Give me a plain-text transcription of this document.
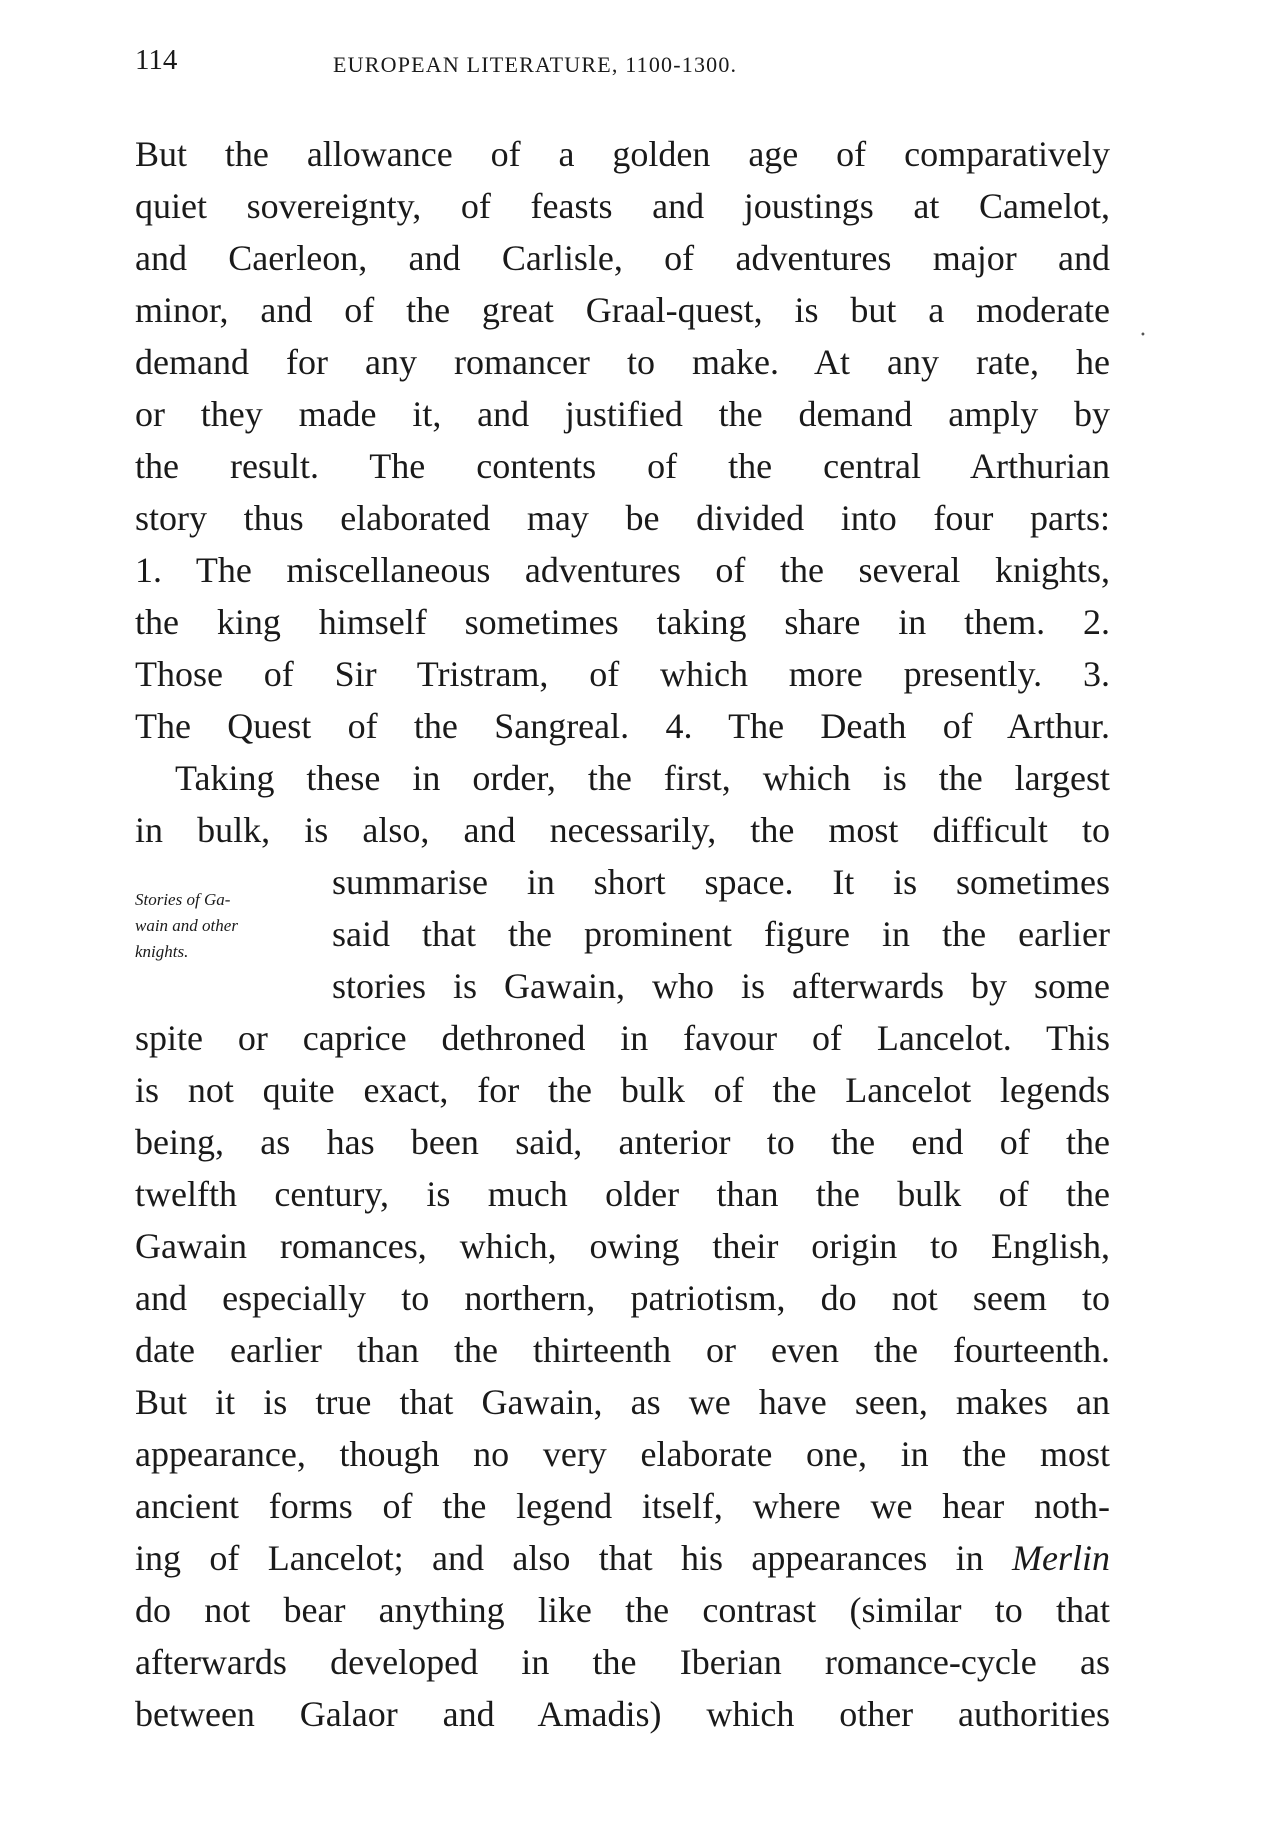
114	EUROPEAN LITERATURE, 1100-1300.
•
Stories of Ga-
wain and other
knights.
But the allowance of a golden age of comparatively
quiet sovereignty, of feasts and joustings at Camelot,
and Caerleon, and Carlisle, of adventures major and
minor, and of the great Graal-quest, is but a moderate
demand for any romancer to make. At any rate, he
or they made it, and justified the demand amply by
the result. The contents of the central Arthurian
story thus elaborated may be divided into four parts:
1. The miscellaneous adventures of the several knights,
the king himself sometimes taking share in them. 2.
Those of Sir Tristram, of which more presently. 3.
The Quest of the Sangreal. 4. The Death of Arthur.
Taking these in order, the first, which is the largest
in bulk, is also, and necessarily, the most difficult to
summarise in short space. It is sometimes
said that the prominent figure in the earlier
stories is Gawain, who is afterwards by some
spite or caprice dethroned in favour of Lancelot. This
is not quite exact, for the bulk of the Lancelot legends
being, as has been said, anterior to the end of the
twelfth century, is much older than the bulk of the
Gawain romances, which, owing their origin to English,
and especially to northern, patriotism, do not seem to
date earlier than the thirteenth or even the fourteenth.
But it is true that Gawain, as we have seen, makes an
appearance, though no very elaborate one, in the most
ancient forms of the legend itself, where we hear noth-
ing of Lancelot; and also that his appearances in Merlin
do not bear anything like the contrast (similar to that
afterwards developed in the Iberian romance-cycle as
between Galaor and Amadis) which other authorities
